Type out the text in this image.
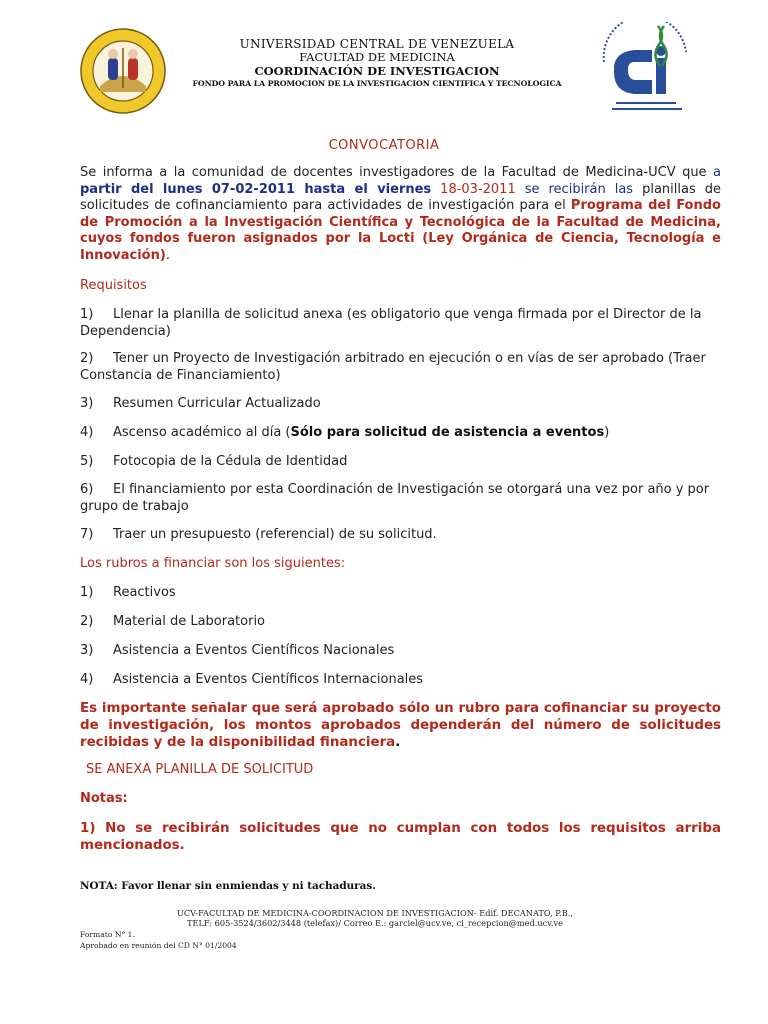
UNIVERSIDAD CENTRAL DE VENEZUELA
FACULTAD DE MEDICINA
COORDINACIÓN DE INVESTIGACION
FONDO PARA LA PROMOCION DE LA INVESTIGACION CIENTIFICA Y TECNOLOGICA
CONVOCATORIA
Se informa a la comunidad de docentes investigadores de la Facultad de Medicina-UCV que a partir del lunes 07-02-2011 hasta el viernes 18-03-2011 se recibirán las planillas de solicitudes de cofinanciamiento para actividades de investigación para el Programa del Fondo de Promoción a la Investigación Científica y Tecnológica de la Facultad de Medicina, cuyos fondos fueron asignados por la Locti (Ley Orgánica de Ciencia, Tecnología e Innovación).
Requisitos
1) Llenar la planilla de solicitud anexa (es obligatorio que venga firmada por el Director de la Dependencia)
2) Tener un Proyecto de Investigación arbitrado en ejecución o en vías de ser aprobado (Traer Constancia de Financiamiento)
3) Resumen Curricular Actualizado
4) Ascenso académico al día (Sólo para solicitud de asistencia a eventos)
5) Fotocopia de la Cédula de Identidad
6) El financiamiento por esta Coordinación de Investigación se otorgará una vez por año y por grupo de trabajo
7) Traer un presupuesto (referencial) de su solicitud.
Los rubros a financiar son los siguientes:
1) Reactivos
2) Material de Laboratorio
3) Asistencia a Eventos Científicos Nacionales
4) Asistencia a Eventos Científicos Internacionales
Es importante señalar que será aprobado sólo un rubro para cofinanciar su proyecto de investigación, los montos aprobados dependerán del número de solicitudes recibidas y de la disponibilidad financiera.
SE ANEXA PLANILLA DE SOLICITUD
Notas:
1) No se recibirán solicitudes que no cumplan con todos los requisitos arriba mencionados.
NOTA: Favor llenar sin enmiendas y ni tachaduras.
UCV-FACULTAD DE MEDICINA-COORDINACION DE INVESTIGACION- Edif. DECANATO, P.B.,
TELF: 605-3524/3602/3448 (telefax)/ Correo E.: garciel@ucv.ve, ci_recepcion@med.ucv.ve
Formato N° 1.
Aprobado en reunión del CD N° 01/2004
